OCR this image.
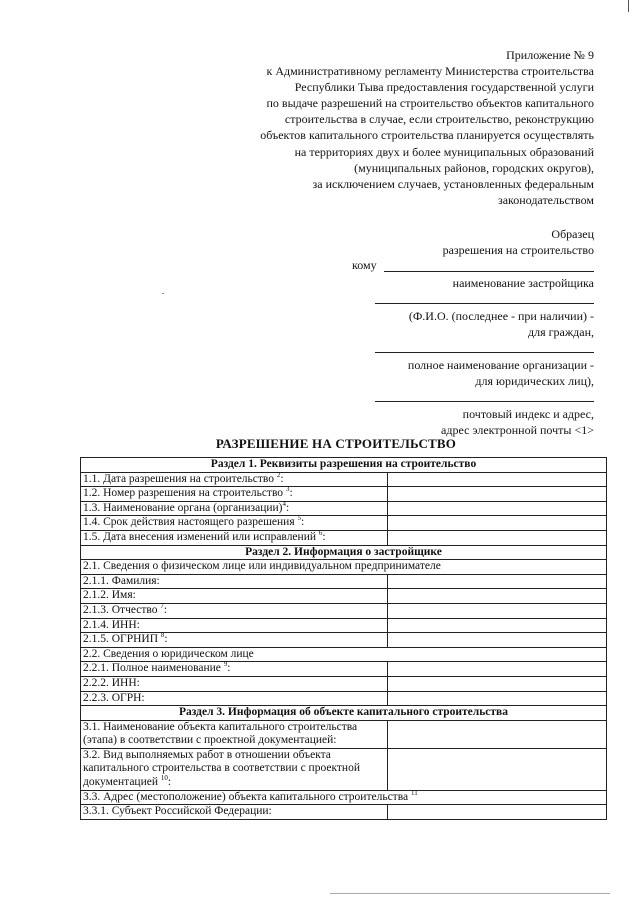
Приложение № 9
к Административному регламенту Министерства строительства
Республики Тыва предоставления государственной услуги
по выдаче разрешений на строительство объектов капитального
строительства в случае, если строительство, реконструкцию
объектов капитального строительства планируется осуществлять
на территориях двух и более муниципальных образований
(муниципальных районов, городских округов),
за исключением случаев, установленных федеральным
законодательством
Образец
разрешения на строительство
кому
наименование застройщика
(Ф.И.О. (последнее - при наличии) -
для граждан,
полное наименование организации -
для юридических лиц),
почтовый индекс и адрес,
адрес электронной почты <1>
РАЗРЕШЕНИЕ НА СТРОИТЕЛЬСТВО
Раздел 1. Реквизиты разрешения на строительство	
1.1. Дата разрешения на строительство $^2$:	
1.2. Номер разрешения на строительство $^3$:	
1.3. Наименование органа (организации)$^4$:	
1.4. Срок действия настоящего разрешения $^5$:	
1.5. Дата внесения изменений или исправлений $^6$:	
Раздел 2. Информация о застройщике	
2.1. Сведения о физическом лице или индивидуальном предпринимателе	
2.1.1. Фамилия:	
2.1.2. Имя:	
2.1.3. Отчество $^7$:	
2.1.4. ИНН:	
2.1.5. ОГРНИП $^8$:	
2.2. Сведения о юридическом лице	
2.2.1. Полное наименование $^9$:	
2.2.2. ИНН:	
2.2.3. ОГРН:	
Раздел 3. Информация об объекте капитального строительства	

3.1. Наименование объекта капитального строительства
(этапа) в соответствии с проектной документацией:	

3.2. Вид выполняемых работ в отношении объекта
капитального строительства в соответствии с проектной
документацией $^{10}$:	

3.3. Адрес (местоположение) объекта капитального строительства $^{11}$
3.3.1. Субъект Российской Федерации:	
